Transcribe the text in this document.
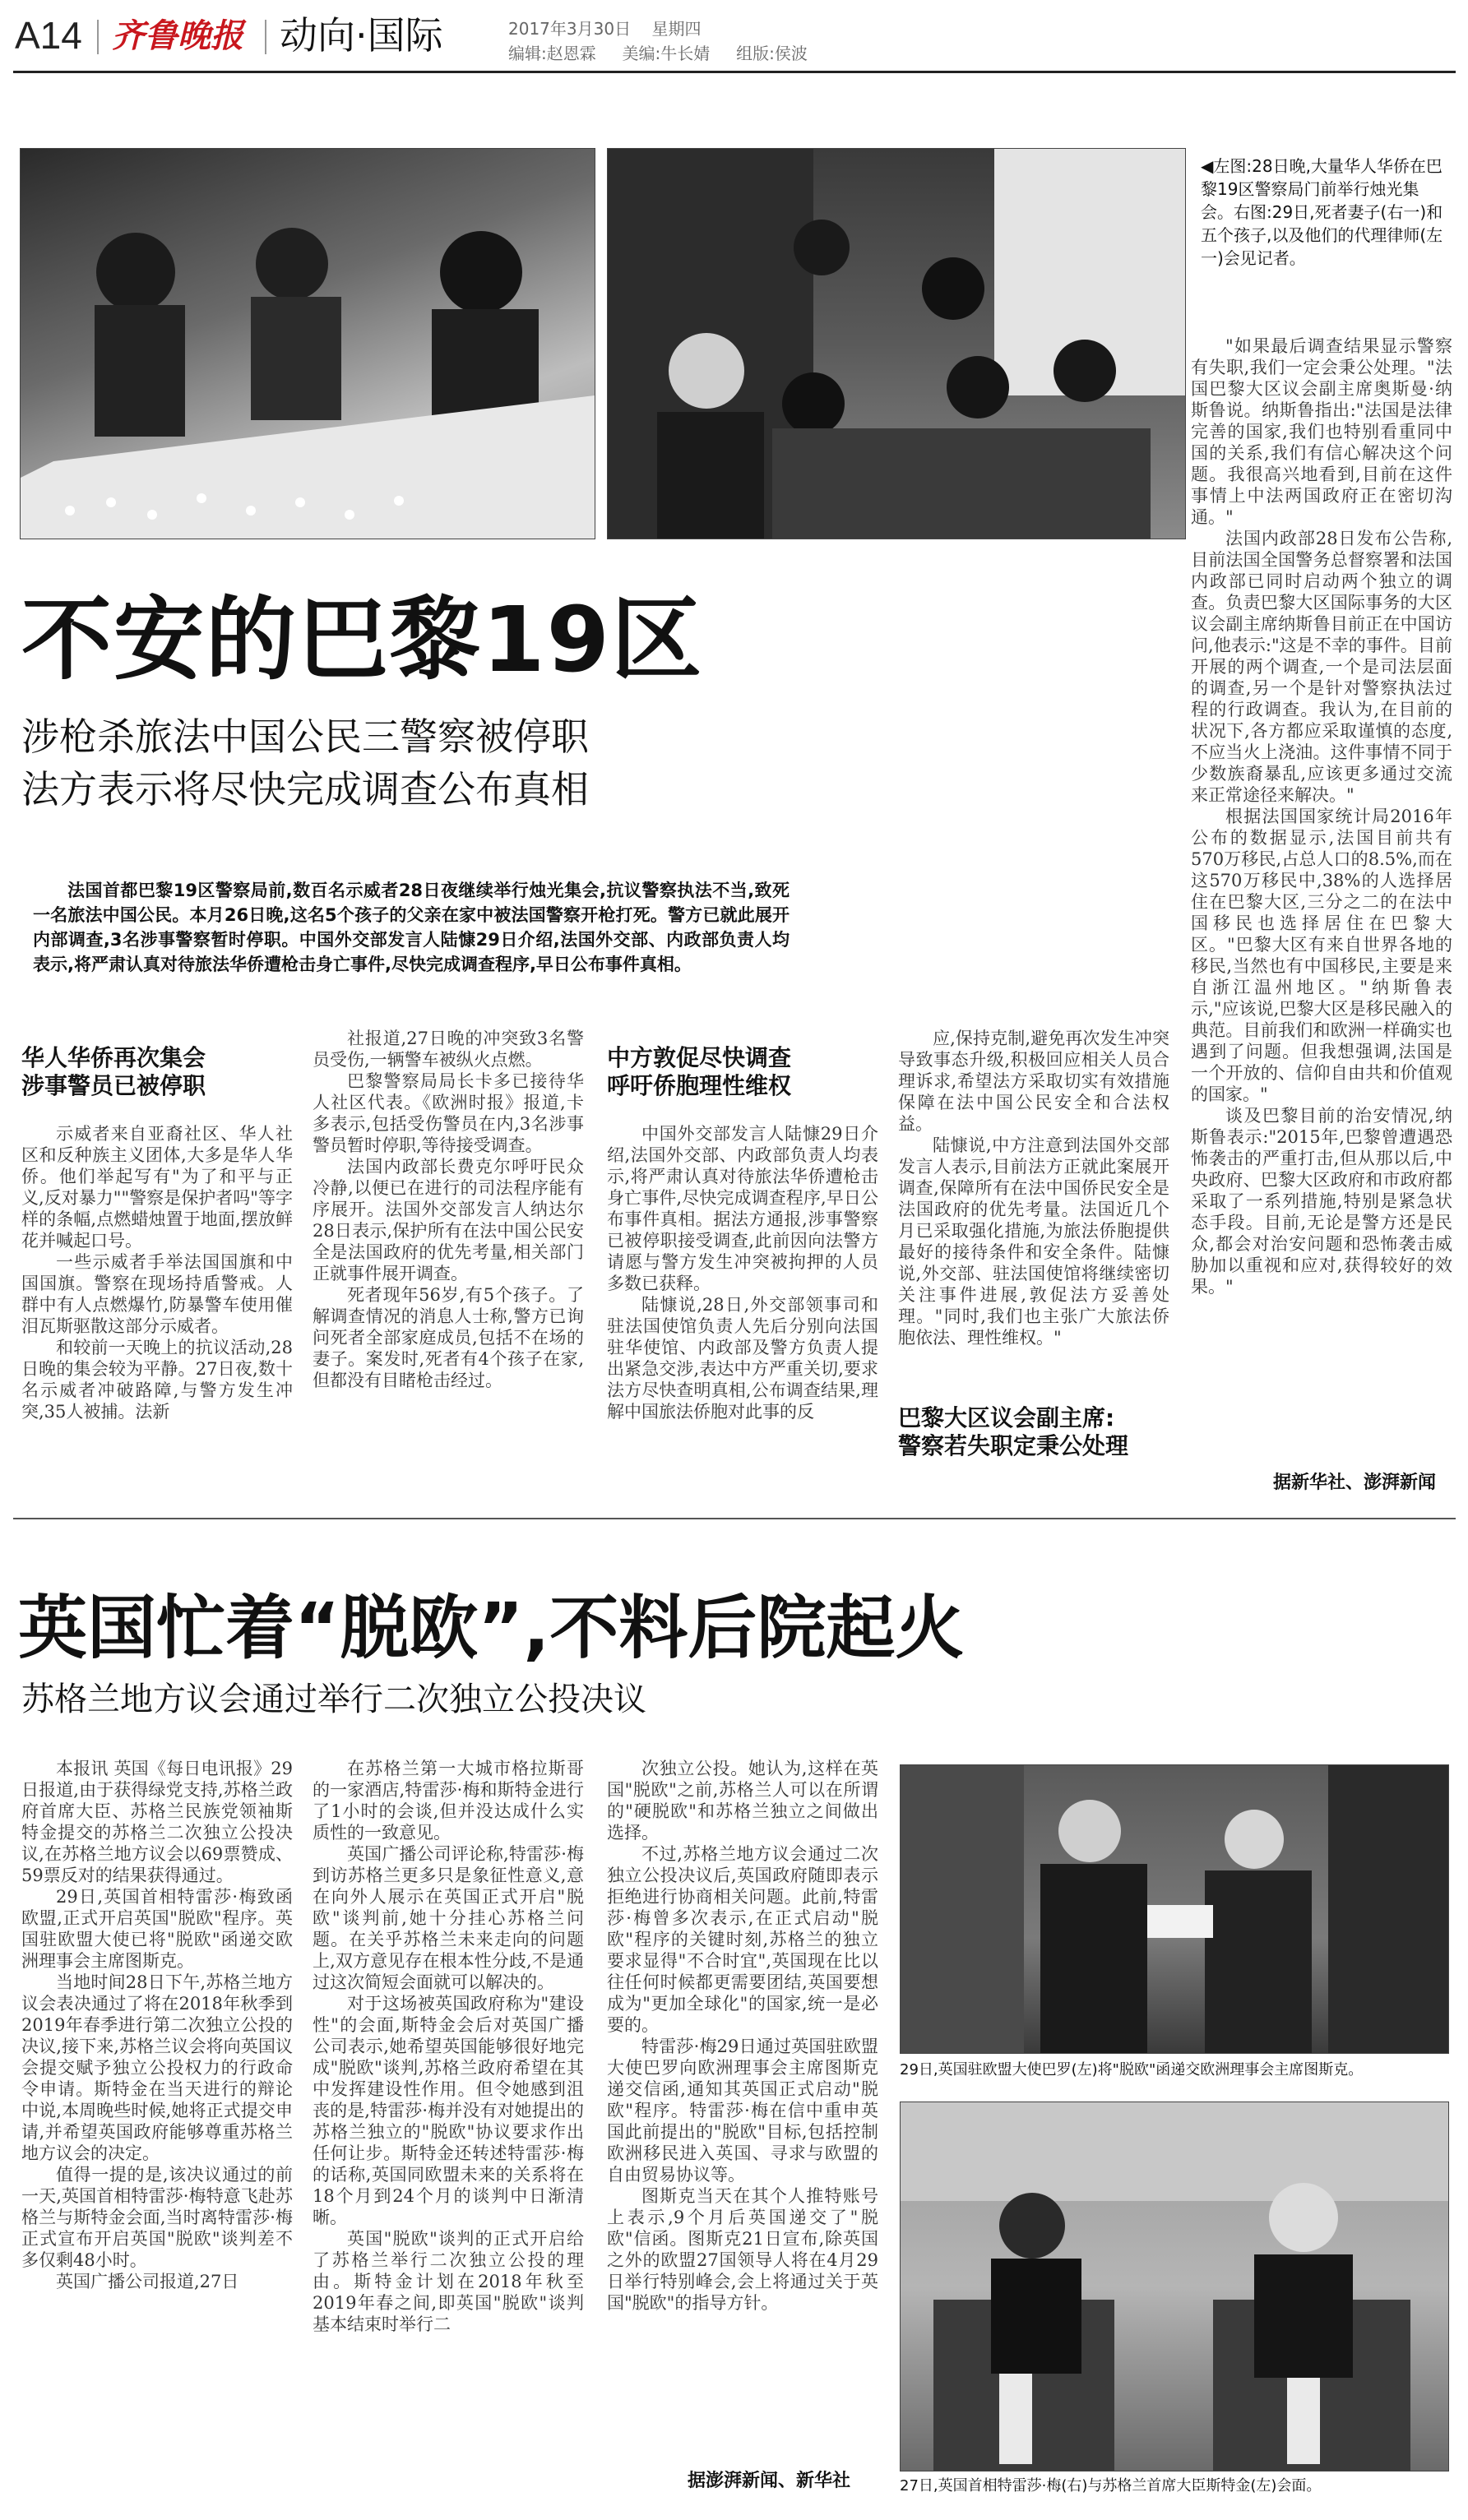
A14 齐鲁晚报 动向·国际	2017年3月30日 星期四
编辑:赵恩霖 美编:牛长婧 组版:侯波
◀左图:28日晚,大量华人华侨在巴黎19区警察局门前举行烛光集会。右图:29日,死者妻子(右一)和五个孩子,以及他们的代理律师(左一)会见记者。
不安的巴黎19区
涉枪杀旅法中国公民三警察被停职
法方表示将尽快完成调查公布真相
法国首都巴黎19区警察局前,数百名示威者28日夜继续举行烛光集会,抗议警察执法不当,致死一名旅法中国公民。本月26日晚,这名5个孩子的父亲在家中被法国警察开枪打死。警方已就此展开内部调查,3名涉事警察暂时停职。中国外交部发言人陆慷29日介绍,法国外交部、内政部负责人均表示,将严肃认真对待旅法华侨遭枪击身亡事件,尽快完成调查程序,早日公布事件真相。
华人华侨再次集会
涉事警员已被停职

示威者来自亚裔社区、华人社区和反种族主义团体,大多是华人华侨。他们举起写有"为了和平与正义,反对暴力""警察是保护者吗"等字样的条幅,点燃蜡烛置于地面,摆放鲜花并喊起口号。

一些示威者手举法国国旗和中国国旗。警察在现场持盾警戒。人群中有人点燃爆竹,防暴警车使用催泪瓦斯驱散这部分示威者。

和较前一天晚上的抗议活动,28日晚的集会较为平静。27日夜,数十名示威者冲破路障,与警方发生冲突,35人被捕。法新

社报道,27日晚的冲突致3名警员受伤,一辆警车被纵火点燃。

巴黎警察局局长卡多已接待华人社区代表。《欧洲时报》报道,卡多表示,包括受伤警员在内,3名涉事警员暂时停职,等待接受调查。

法国内政部长费克尔呼吁民众冷静,以便已在进行的司法程序能有序展开。法国外交部发言人纳达尔28日表示,保护所有在法中国公民安全是法国政府的优先考量,相关部门正就事件展开调查。

死者现年56岁,有5个孩子。了解调查情况的消息人士称,警方已询问死者全部家庭成员,包括不在场的妻子。案发时,死者有4个孩子在家,但都没有目睹枪击经过。

中方敦促尽快调查
呼吁侨胞理性维权

中国外交部发言人陆慷29日介绍,法国外交部、内政部负责人均表示,将严肃认真对待旅法华侨遭枪击身亡事件,尽快完成调查程序,早日公布事件真相。据法方通报,涉事警察已被停职接受调查,此前因向法警方请愿与警方发生冲突被拘押的人员多数已获释。

陆慷说,28日,外交部领事司和驻法国使馆负责人先后分别向法国驻华使馆、内政部及警方负责人提出紧急交涉,表达中方严重关切,要求法方尽快查明真相,公布调查结果,理解中国旅法侨胞对此事的反

应,保持克制,避免再次发生冲突导致事态升级,积极回应相关人员合理诉求,希望法方采取切实有效措施保障在法中国公民安全和合法权益。

陆慷说,中方注意到法国外交部发言人表示,目前法方正就此案展开调查,保障所有在法中国侨民安全是法国政府的优先考量。法国近几个月已采取强化措施,为旅法侨胞提供最好的接待条件和安全条件。陆慷说,外交部、驻法国使馆将继续密切关注事件进展,敦促法方妥善处理。"同时,我们也主张广大旅法侨胞依法、理性维权。"

巴黎大区议会副主席:
警察若失职定秉公处理

"如果最后调查结果显示警察有失职,我们一定会秉公处理。"法国巴黎大区议会副主席奥斯曼·纳斯鲁说。纳斯鲁指出:"法国是法律完善的国家,我们也特别看重同中国的关系,我们有信心解决这个问题。我很高兴地看到,目前在这件事情上中法两国政府正在密切沟通。"

法国内政部28日发布公告称,目前法国全国警务总督察署和法国内政部已同时启动两个独立的调查。负责巴黎大区国际事务的大区议会副主席纳斯鲁目前正在中国访问,他表示:"这是不幸的事件。目前开展的两个调查,一个是司法层面的调查,另一个是针对警察执法过程的行政调查。我认为,在目前的状况下,各方都应采取谨慎的态度,不应当火上浇油。这件事情不同于少数族裔暴乱,应该更多通过交流来正常途径来解决。"

根据法国国家统计局2016年公布的数据显示,法国目前共有570万移民,占总人口的8.5%,而在这570万移民中,38%的人选择居住在巴黎大区,三分之二的在法中国移民也选择居住在巴黎大区。"巴黎大区有来自世界各地的移民,当然也有中国移民,主要是来自浙江温州地区。"纳斯鲁表示,"应该说,巴黎大区是移民融入的典范。目前我们和欧洲一样确实也遇到了问题。但我想强调,法国是一个开放的、信仰自由共和价值观的国家。"

谈及巴黎目前的治安情况,纳斯鲁表示:"2015年,巴黎曾遭遇恐怖袭击的严重打击,但从那以后,中央政府、巴黎大区政府和市政府都采取了一系列措施,特别是紧急状态手段。目前,无论是警方还是民众,都会对治安问题和恐怖袭击威胁加以重视和应对,获得较好的效果。"

据新华社、澎湃新闻
英国忙着“脱欧”,不料后院起火
苏格兰地方议会通过举行二次独立公投决议

本报讯 英国《每日电讯报》29日报道,由于获得绿党支持,苏格兰政府首席大臣、苏格兰民族党领袖斯特金提交的苏格兰二次独立公投决议,在苏格兰地方议会以69票赞成、59票反对的结果获得通过。

29日,英国首相特雷莎·梅致函欧盟,正式开启英国"脱欧"程序。英国驻欧盟大使已将"脱欧"函递交欧洲理事会主席图斯克。

当地时间28日下午,苏格兰地方议会表决通过了将在2018年秋季到2019年春季进行第二次独立公投的决议,接下来,苏格兰议会将向英国议会提交赋予独立公投权力的行政命令申请。斯特金在当天进行的辩论中说,本周晚些时候,她将正式提交申请,并希望英国政府能够尊重苏格兰地方议会的决定。

值得一提的是,该决议通过的前一天,英国首相特雷莎·梅特意飞赴苏格兰与斯特金会面,当时离特雷莎·梅正式宣布开启英国"脱欧"谈判差不多仅剩48小时。

英国广播公司报道,27日

在苏格兰第一大城市格拉斯哥的一家酒店,特雷莎·梅和斯特金进行了1小时的会谈,但并没达成什么实质性的一致意见。

英国广播公司评论称,特雷莎·梅到访苏格兰更多只是象征性意义,意在向外人展示在英国正式开启"脱欧"谈判前,她十分挂心苏格兰问题。在关乎苏格兰未来走向的问题上,双方意见存在根本性分歧,不是通过这次简短会面就可以解决的。

对于这场被英国政府称为"建设性"的会面,斯特金会后对英国广播公司表示,她希望英国能够很好地完成"脱欧"谈判,苏格兰政府希望在其中发挥建设性作用。但令她感到沮丧的是,特雷莎·梅并没有对她提出的苏格兰独立的"脱欧"协议要求作出任何让步。斯特金还转述特雷莎·梅的话称,英国同欧盟未来的关系将在18个月到24个月的谈判中日渐清晰。

英国"脱欧"谈判的正式开启给了苏格兰举行二次独立公投的理由。斯特金计划在2018年秋至2019年春之间,即英国"脱欧"谈判基本结束时举行二

次独立公投。她认为,这样在英国"脱欧"之前,苏格兰人可以在所谓的"硬脱欧"和苏格兰独立之间做出选择。

不过,苏格兰地方议会通过二次独立公投决议后,英国政府随即表示拒绝进行协商相关问题。此前,特雷莎·梅曾多次表示,在正式启动"脱欧"程序的关键时刻,苏格兰的独立要求显得"不合时宜",英国现在比以往任何时候都更需要团结,英国要想成为"更加全球化"的国家,统一是必要的。

特雷莎·梅29日通过英国驻欧盟大使巴罗向欧洲理事会主席图斯克递交信函,通知其英国正式启动"脱欧"程序。特雷莎·梅在信中重申英国此前提出的"脱欧"目标,包括控制欧洲移民进入英国、寻求与欧盟的自由贸易协议等。

图斯克当天在其个人推特账号上表示,9个月后英国递交了"脱欧"信函。图斯克21日宣布,除英国之外的欧盟27国领导人将在4月29日举行特别峰会,会上将通过关于英国"脱欧"的指导方针。

据澎湃新闻、新华社
29日,英国驻欧盟大使巴罗(左)将"脱欧"函递交欧洲理事会主席图斯克。
27日,英国首相特雷莎·梅(右)与苏格兰首席大臣斯特金(左)会面。
